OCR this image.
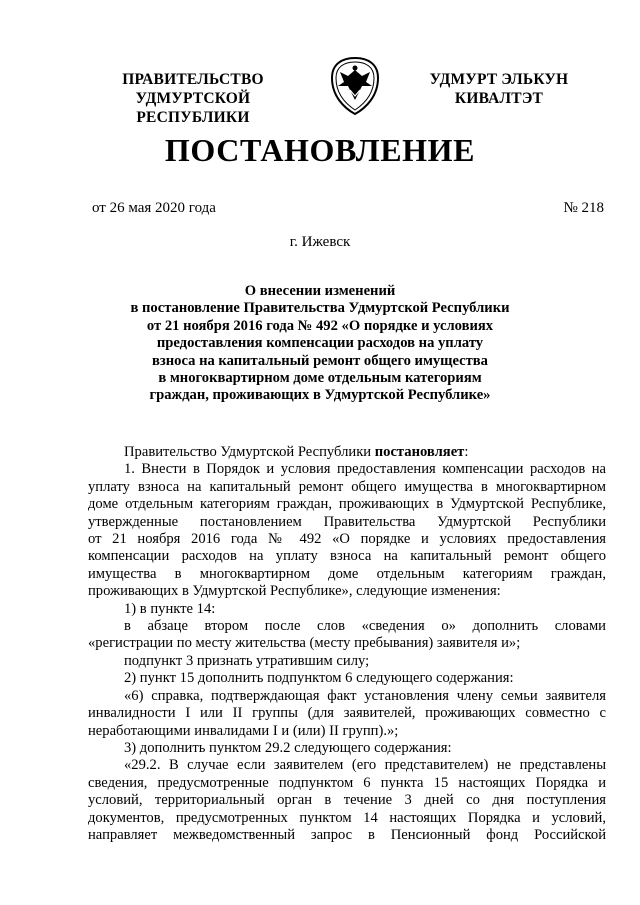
ПРАВИТЕЛЬСТВО
УДМУРТСКОЙ РЕСПУБЛИКИ
УДМУРТ ЭЛЬКУН
КИВАЛТЭТ
ПОСТАНОВЛЕНИЕ
от 26 мая 2020 года	№ 218
г. Ижевск
О внесении изменений
в постановление Правительства Удмуртской Республики
от 21 ноября 2016 года № 492 «О порядке и условиях
предоставления компенсации расходов на уплату
взноса на капитальный ремонт общего имущества
в многоквартирном доме отдельным категориям
граждан, проживающих в Удмуртской Республике»
Правительство Удмуртской Республики постановляет:
1. Внести в Порядок и условия предоставления компенсации расходов на
уплату взноса на капитальный ремонт общего имущества в многоквартирном
доме отдельным категориям граждан, проживающих в Удмуртской Республике,
утвержденные постановлением Правительства Удмуртской Республики
от 21 ноября 2016 года № 492 «О порядке и условиях предоставления
компенсации расходов на уплату взноса на капитальный ремонт общего
имущества в многоквартирном доме отдельным категориям граждан,
проживающих в Удмуртской Республике», следующие изменения:
1) в пункте 14:
в абзаце втором после слов «сведения о» дополнить словами
«регистрации по месту жительства (месту пребывания) заявителя и»;
подпункт 3 признать утратившим силу;
2) пункт 15 дополнить подпунктом 6 следующего содержания:
«6) справка, подтверждающая факт установления члену семьи заявителя
инвалидности I или II группы (для заявителей, проживающих совместно с
неработающими инвалидами I и (или) II групп).»;
3) дополнить пунктом 29.2 следующего содержания:
«29.2. В случае если заявителем (его представителем) не представлены
сведения, предусмотренные подпунктом 6 пункта 15 настоящих Порядка и
условий, территориальный орган в течение 3 дней со дня поступления
документов, предусмотренных пунктом 14 настоящих Порядка и условий,
направляет межведомственный запрос в Пенсионный фонд Российской
